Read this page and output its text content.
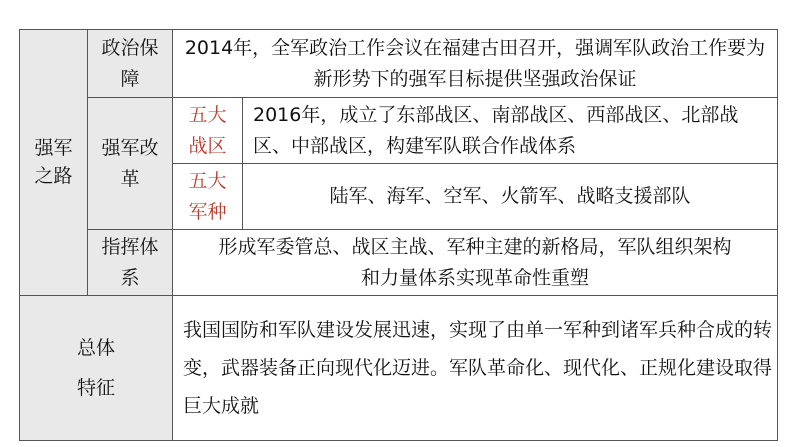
强军之路	政治保障	2014年，全军政治工作会议在福建古田召开，强调军队政治工作要为新形势下的强军目标提供坚强政治保证	

	强军改革	五大战区	2016年，成立了东部战区、南部战区、西部战区、北部战区、中部战区，构建军队联合作战体系

		五大军种	陆军、海军、空军、火箭军、战略支援部队

	指挥体系	形成军委管总、战区主战、军种主建的新格局，军队组织架构和力量体系实现革命性重塑	

总体特征		我国国防和军队建设发展迅速，实现了由单一军种到诸军兵种合成的转变，武器装备正向现代化迈进。军队革命化、现代化、正规化建设取得巨大成就	
